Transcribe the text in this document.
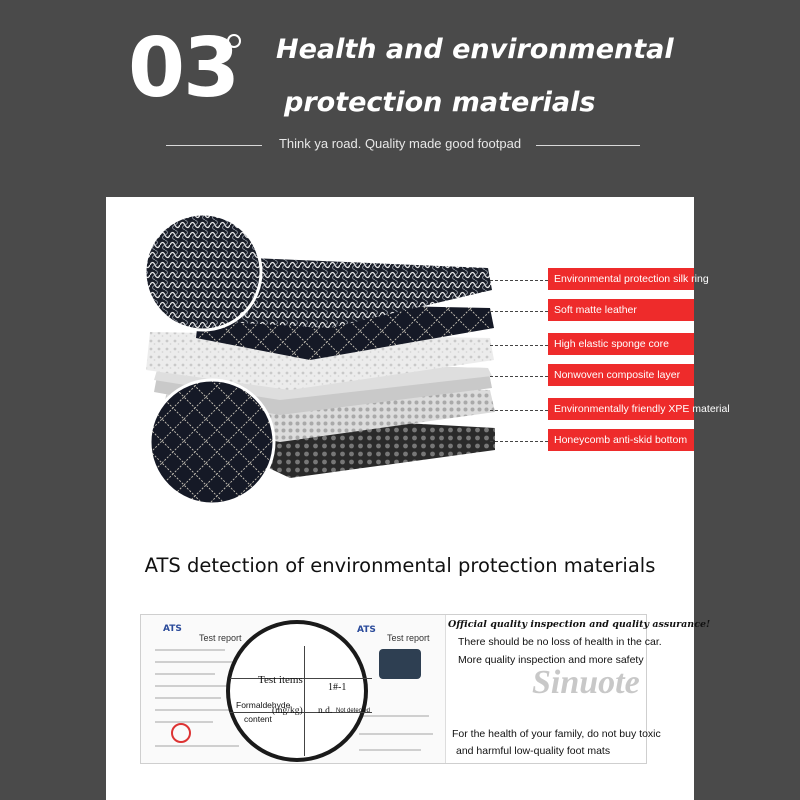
03 Health and environmental
protection materials
Think ya road. Quality made good footpad
Environmental protection silk ring
Soft matte leather
High elastic sponge core
Nonwoven composite layer
Environmentally friendly XPE material
Honeycomb anti-skid bottom
ATS detection of environmental protection materials
ATS
Test report
ATS
Test report
Test items
1#-1
Formaldehyde
content
(mg/kg) n.d. Not detected
Official quality inspection and quality assurance!
There should be no loss of health in the car.
More quality inspection and more safety
Sinuote
For the health of your family, do not buy toxic
and harmful low-quality foot mats
